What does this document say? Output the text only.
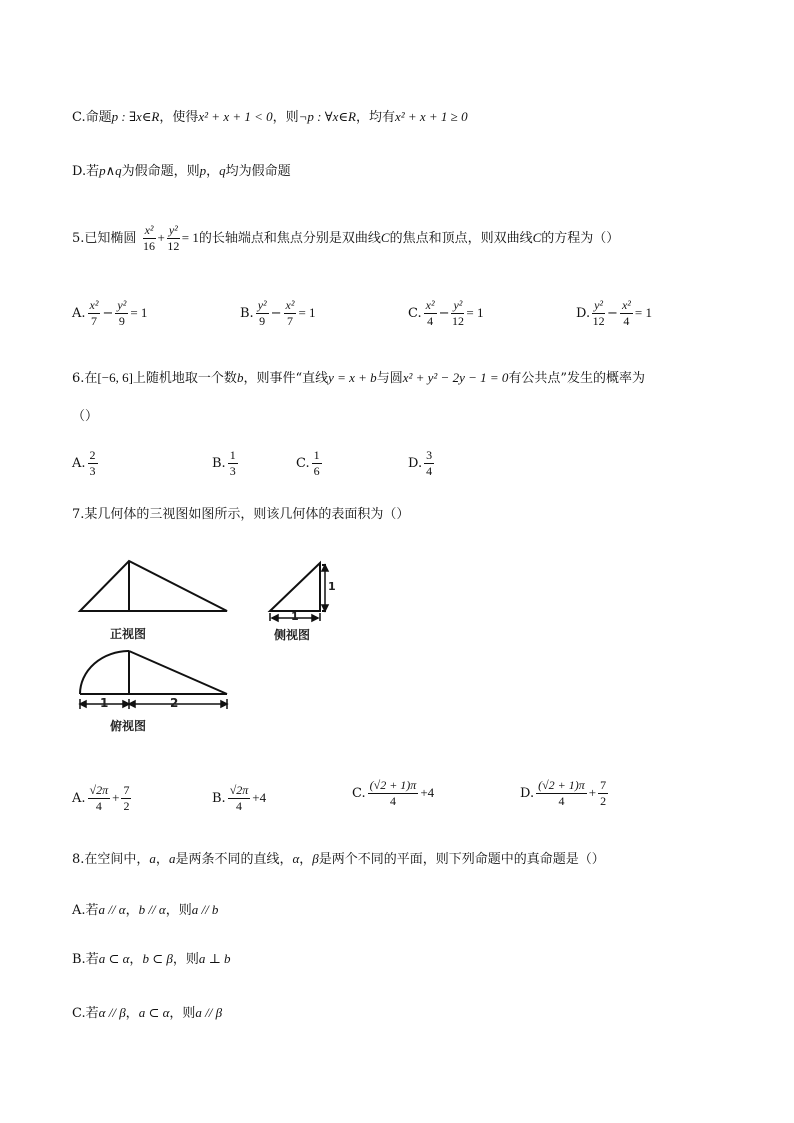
C.命题p : ∃x∈R，使得x² + x + 1 < 0，则¬p : ∀x∈R，均有x² + x + 1 ≥ 0
D.若p∧q为假命题，则p，q均为假命题
5.已知椭圆 $\frac{\text{x²}}{16} + \frac{\text{y²}}{12} = 1$的长轴端点和焦点分别是双曲线C的焦点和顶点，则双曲线C的方程为（）
A. $\frac{\text{x²}}{7} - \frac{\text{y²}}{9} = 1$	B. $\frac{\text{y²}}{9} - \frac{\text{x²}}{7} = 1$	C. $\frac{\text{x²}}{4} - \frac{\text{y²}}{12} = 1$	D. $\frac{\text{y²}}{12} - \frac{\text{x²}}{4} = 1$
6.在[−6, 6]上随机地取一个数b，则事件“直线y = x + b与圆x² + y² − 2y − 1 = 0有公共点”发生的概率为
（）
A. $\frac{2}{3}$	B. $\frac{1}{3}$	C. $\frac{1}{6}$	D. $\frac{3}{4}$
7.某几何体的三视图如图所示，则该几何体的表面积为（）
正视图	侧视图
俯视图
1
1
1	2
A. $\frac{√2\pi}{4} + \frac{7}{2}$	B. $\frac{√2\pi}{4} +4$	C. $\frac{(√2 + 1)\pi}{4} +4$	D. $\frac{(√2 + 1)\pi}{4} + \frac{7}{2}$
8.在空间中，a，a是两条不同的直线，α，β是两个不同的平面，则下列命题中的真命题是（）
A.若a // α，b // α，则a // b
B.若a ⊂ α，b ⊂ β，则a ⊥ b
C.若α // β，a ⊂ α，则a // β
